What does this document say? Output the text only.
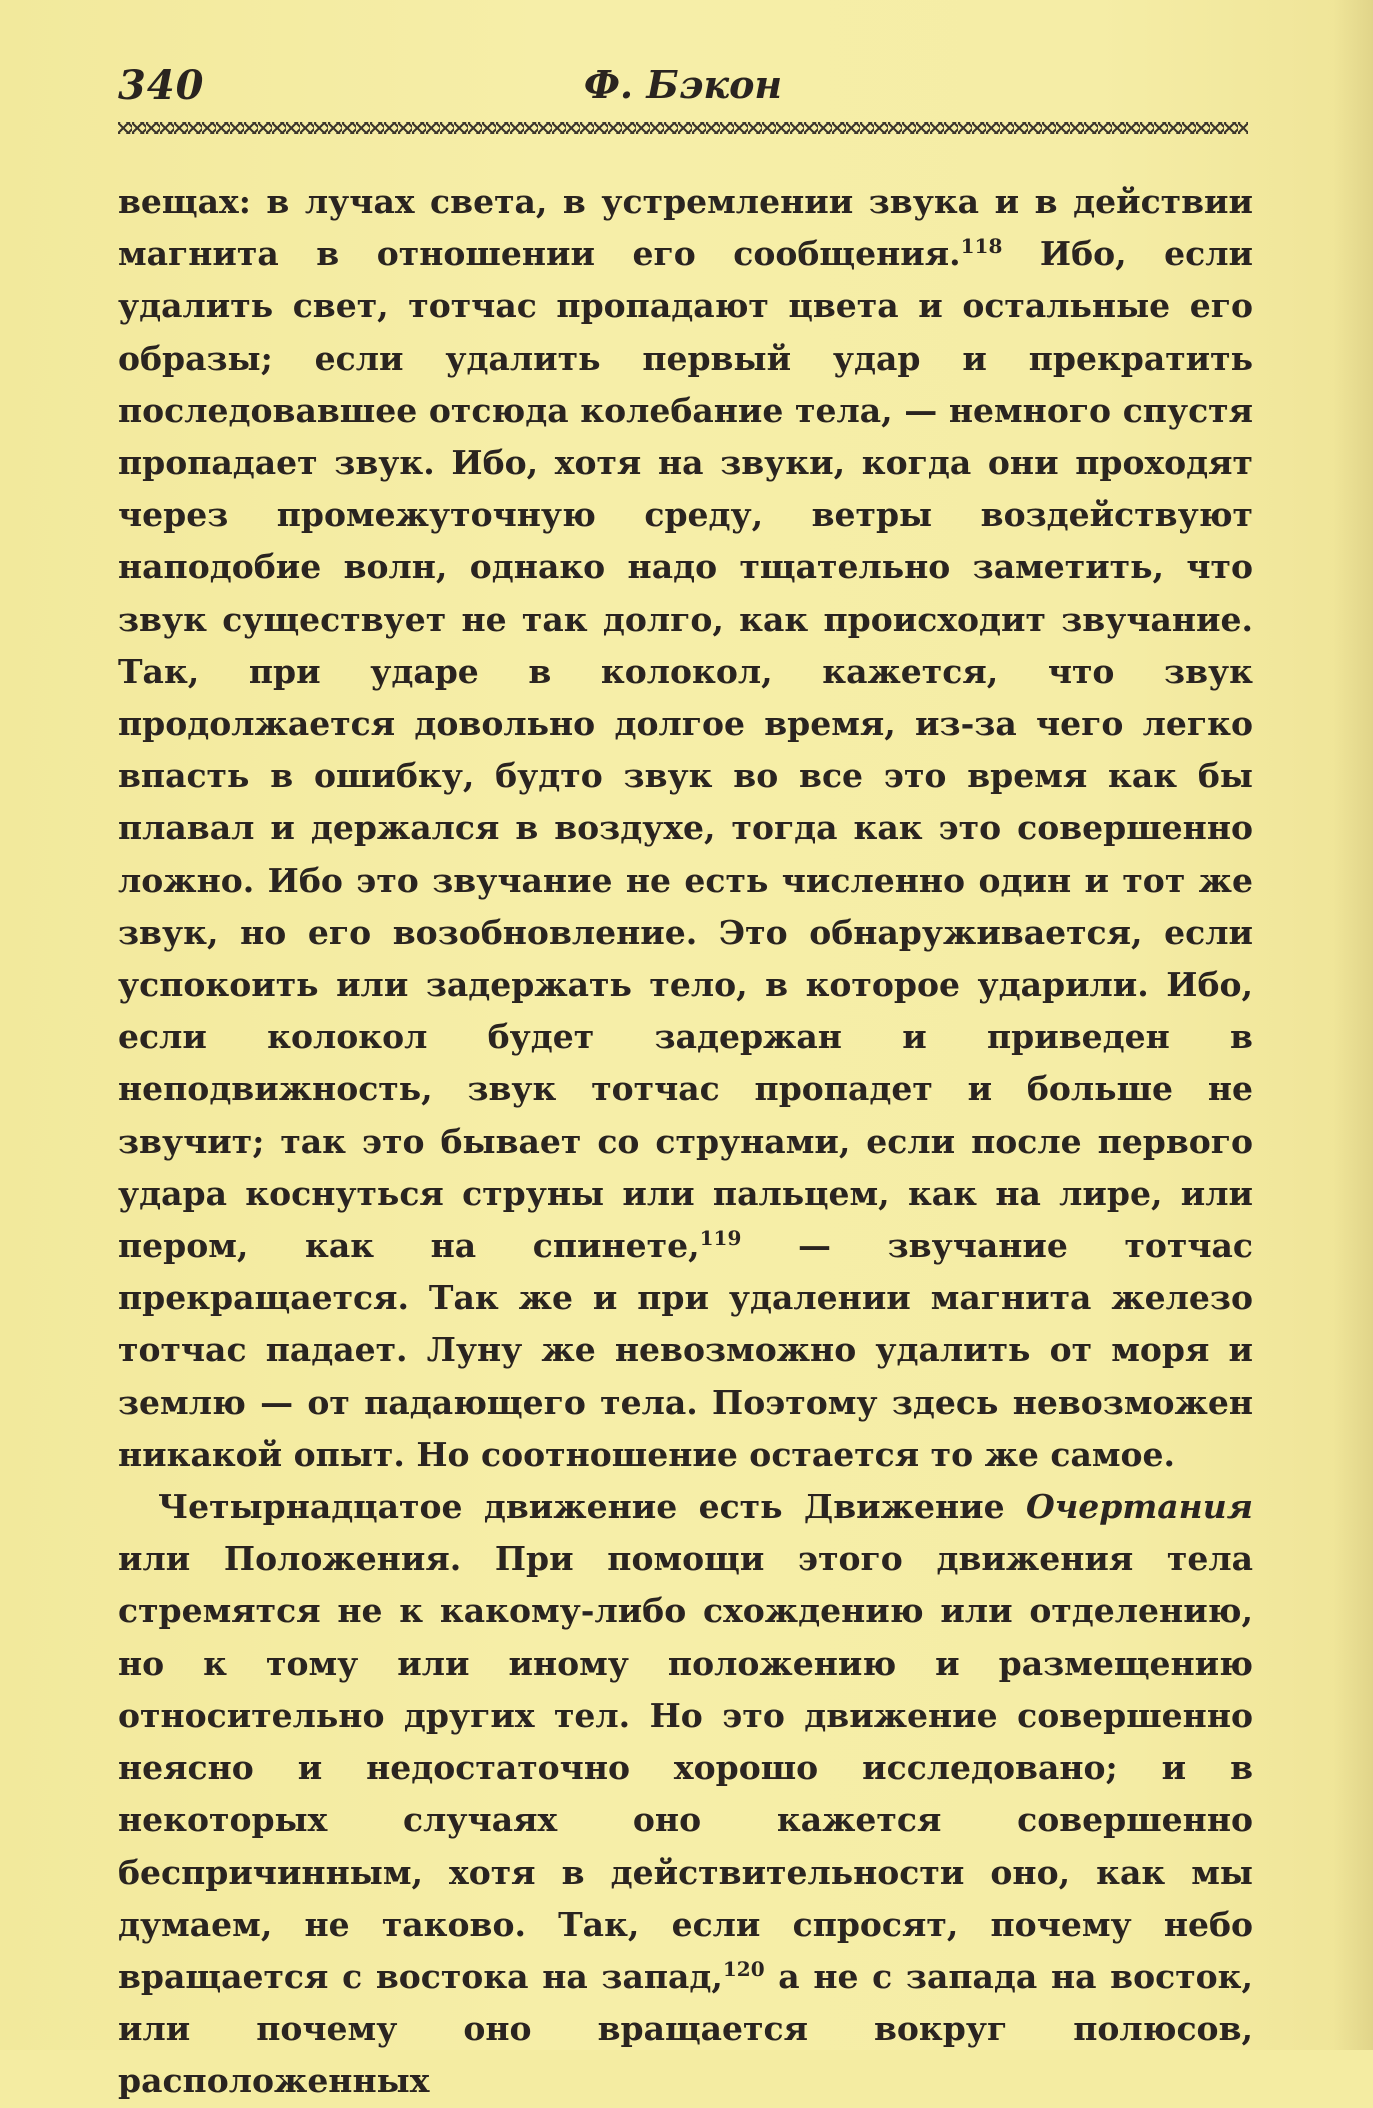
340	Ф. Бэкон

вещах: в лучах света, в устремлении звука и в действии магнита в отношении его сообщения.$^{118}$ Ибо, если удалить свет, тотчас пропадают цвета и остальные его образы; если удалить первый удар и прекратить последовавшее отсюда колебание тела, — немного спустя пропадает звук. Ибо, хотя на звуки, когда они проходят через промежуточную среду, ветры воздействуют наподобие волн, однако надо тщательно заметить, что звук существует не так долго, как происходит звучание. Так, при ударе в колокол, кажется, что звук продолжается довольно долгое время, из-за чего легко впасть в ошибку, будто звук во все это время как бы плавал и держался в воздухе, тогда как это совершенно ложно. Ибо это звучание не есть численно один и тот же звук, но его возобновление. Это обнаруживается, если успокоить или задержать тело, в которое ударили. Ибо, если колокол будет задержан и приведен в неподвижность, звук тотчас пропадет и больше не звучит; так это бывает со струнами, если после первого удара коснуться струны или пальцем, как на лире, или пером, как на спинете,$^{119}$ — звучание тотчас прекращается. Так же и при удалении магнита железо тотчас падает. Луну же невозможно удалить от моря и землю — от падающего тела. Поэтому здесь невозможен никакой опыт. Но соотношение остается то же самое.

Четырнадцатое движение есть Движение Очертания или Положения. При помощи этого движения тела стремятся не к какому-либо схождению или отделению, но к тому или иному положению и размещению относительно других тел. Но это движение совершенно неясно и недостаточно хорошо исследовано; и в некоторых случаях оно кажется совершенно беспричинным, хотя в действительности оно, как мы думаем, не таково. Так, если спросят, почему небо вращается с востока на запад,$^{120}$ а не с запада на восток, или почему оно вращается вокруг полюсов, расположенных
